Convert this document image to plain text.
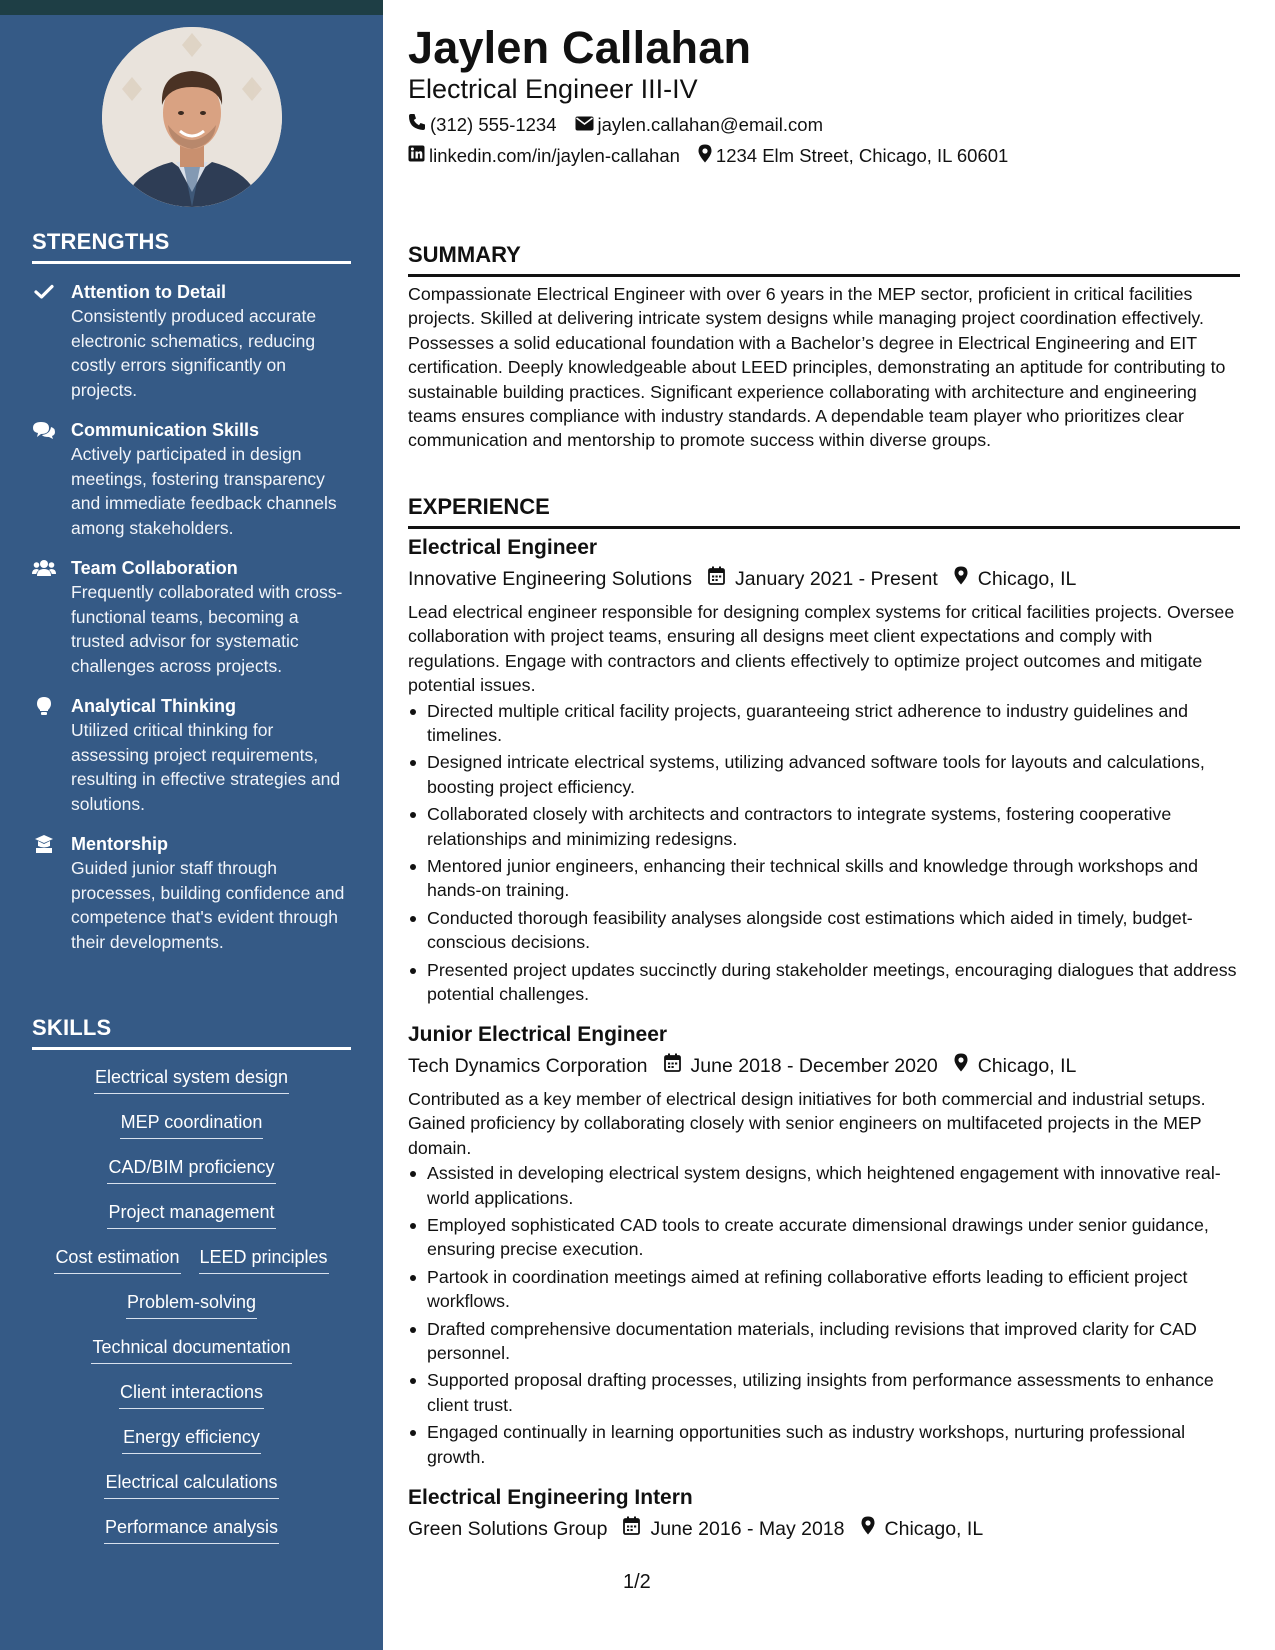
STRENGTHS
Attention to Detail
Consistently produced accurate electronic schematics, reducing costly errors significantly on projects.
Communication Skills
Actively participated in design meetings, fostering transparency and immediate feedback channels among stakeholders.
Team Collaboration
Frequently collaborated with cross-functional teams, becoming a trusted advisor for systematic challenges across projects.
Analytical Thinking
Utilized critical thinking for assessing project requirements, resulting in effective strategies and solutions.
Mentorship
Guided junior staff through processes, building confidence and competence that's evident through their developments.
SKILLS
Electrical system design
MEP coordination
CAD/BIM proficiency
Project management
Cost estimation LEED principles
Problem-solving
Technical documentation
Client interactions
Energy efficiency
Electrical calculations
Performance analysis
Jaylen Callahan
Electrical Engineer III-IV
(312) 555-1234 jaylen.callahan@email.com
linkedin.com/in/jaylen-callahan 1234 Elm Street, Chicago, IL 60601
SUMMARY
Compassionate Electrical Engineer with over 6 years in the MEP sector, proficient in critical facilities projects. Skilled at delivering intricate system designs while managing project coordination effectively. Possesses a solid educational foundation with a Bachelor’s degree in Electrical Engineering and EIT certification. Deeply knowledgeable about LEED principles, demonstrating an aptitude for contributing to sustainable building practices. Significant experience collaborating with architecture and engineering teams ensures compliance with industry standards. A dependable team player who prioritizes clear communication and mentorship to promote success within diverse groups.
EXPERIENCE
Electrical Engineer
Innovative Engineering Solutions January 2021 - Present Chicago, IL
Lead electrical engineer responsible for designing complex systems for critical facilities projects. Oversee collaboration with project teams, ensuring all designs meet client expectations and comply with regulations. Engage with contractors and clients effectively to optimize project outcomes and mitigate potential issues.
Directed multiple critical facility projects, guaranteeing strict adherence to industry guidelines and timelines.
Designed intricate electrical systems, utilizing advanced software tools for layouts and calculations, boosting project efficiency.
Collaborated closely with architects and contractors to integrate systems, fostering cooperative relationships and minimizing redesigns.
Mentored junior engineers, enhancing their technical skills and knowledge through workshops and hands-on training.
Conducted thorough feasibility analyses alongside cost estimations which aided in timely, budget-conscious decisions.
Presented project updates succinctly during stakeholder meetings, encouraging dialogues that address potential challenges.
Junior Electrical Engineer
Tech Dynamics Corporation June 2018 - December 2020 Chicago, IL
Contributed as a key member of electrical design initiatives for both commercial and industrial setups. Gained proficiency by collaborating closely with senior engineers on multifaceted projects in the MEP domain.
Assisted in developing electrical system designs, which heightened engagement with innovative real-world applications.
Employed sophisticated CAD tools to create accurate dimensional drawings under senior guidance, ensuring precise execution.
Partook in coordination meetings aimed at refining collaborative efforts leading to efficient project workflows.
Drafted comprehensive documentation materials, including revisions that improved clarity for CAD personnel.
Supported proposal drafting processes, utilizing insights from performance assessments to enhance client trust.
Engaged continually in learning opportunities such as industry workshops, nurturing professional growth.
Electrical Engineering Intern
Green Solutions Group June 2016 - May 2018 Chicago, IL
1/2
